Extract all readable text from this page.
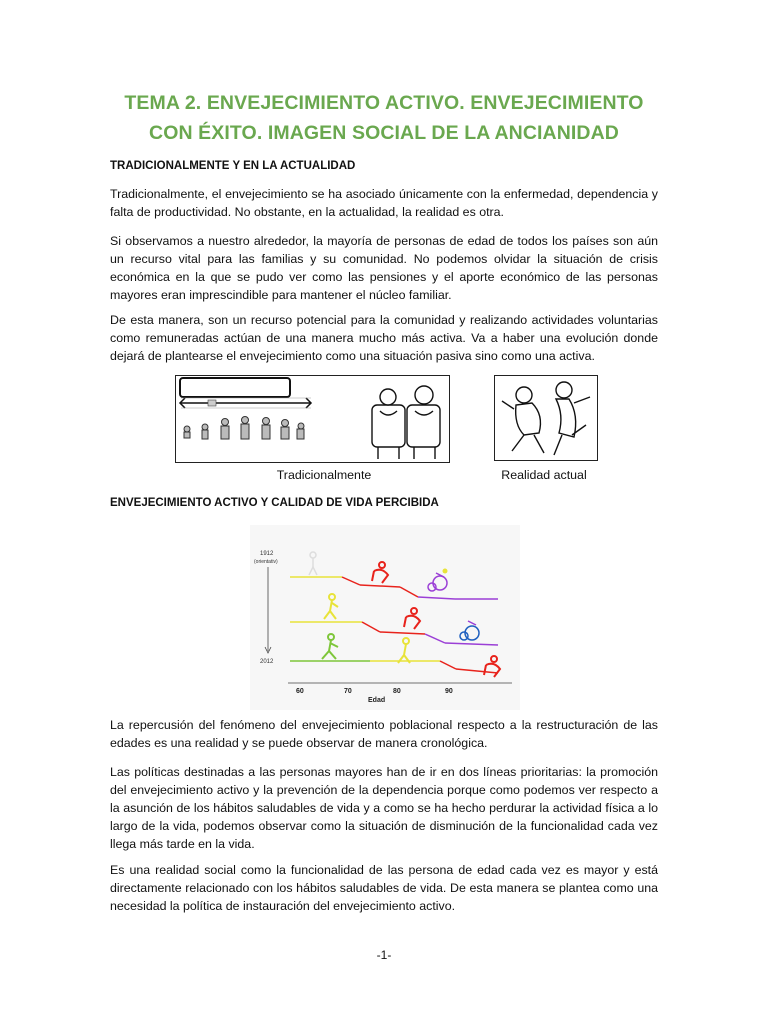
TEMA 2. ENVEJECIMIENTO ACTIVO. ENVEJECIMIENTO CON ÉXITO. IMAGEN SOCIAL DE LA ANCIANIDAD

TRADICIONALMENTE Y EN LA ACTUALIDAD

Tradicionalmente, el envejecimiento se ha asociado únicamente con la enfermedad, dependencia y falta de productividad. No obstante, en la actualidad, la realidad es otra.

Si observamos a nuestro alrededor, la mayoría de personas de edad de todos los países son aún un recurso vital para las familias y su comunidad. No podemos olvidar la situación de crisis económica en la que se pudo ver como las pensiones y el aporte económico de las personas mayores eran imprescindible para mantener el núcleo familiar.

De esta manera, son un recurso potencial para la comunidad y realizando actividades voluntarias como remuneradas actúan de una manera mucho más activa. Va a haber una evolución donde dejará de plantearse el envejecimiento como una situación pasiva sino como una activa.

Tradicionalmente	Realidad actual

ENVEJECIMIENTO ACTIVO Y CALIDAD DE VIDA PERCIBIDA

1912
(orientativ)
2012
60	70	80	90
Edad

La repercusión del fenómeno del envejecimiento poblacional respecto a la restructuración de las edades es una realidad y se puede observar de manera cronológica.

Las políticas destinadas a las personas mayores han de ir en dos líneas prioritarias: la promoción del envejecimiento activo y la prevención de la dependencia porque como podemos ver respecto a la asunción de los hábitos saludables de vida y a como se ha hecho perdurar la actividad física a lo largo de la vida, podemos observar como la situación de disminución de la funcionalidad cada vez llega más tarde en la vida.

Es una realidad social como la funcionalidad de las persona de edad cada vez es mayor y está directamente relacionado con los hábitos saludables de vida. De esta manera se plantea como una necesidad la política de instauración del envejecimiento activo.

-1-
